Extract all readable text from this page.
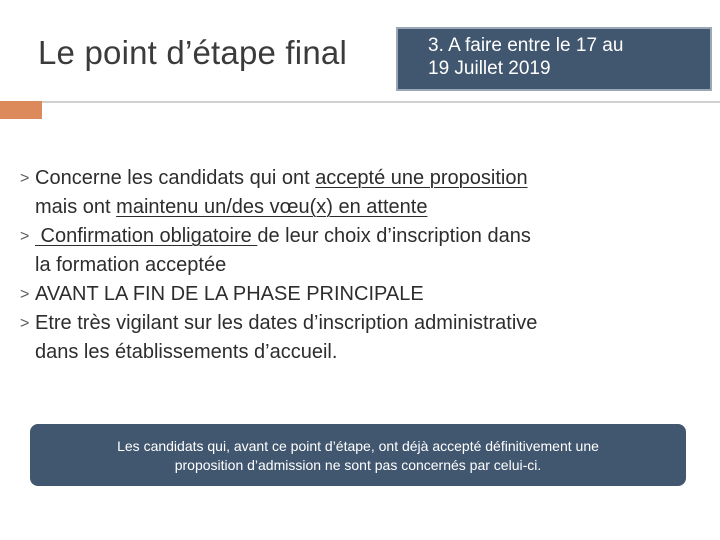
Le point d’étape final	3. A faire entre le 17 au
19 Juillet 2019
> Concerne les candidats qui ont accepté une proposition
mais ont maintenu un/des vœu(x) en attente
> Confirmation obligatoire de leur choix d’inscription dans
la formation acceptée
> AVANT LA FIN DE LA PHASE PRINCIPALE
> Etre très vigilant sur les dates d’inscription administrative
dans les établissements d’accueil.
Les candidats qui, avant ce point d’étape, ont déjà accepté définitivement une
proposition d’admission ne sont pas concernés par celui-ci.
